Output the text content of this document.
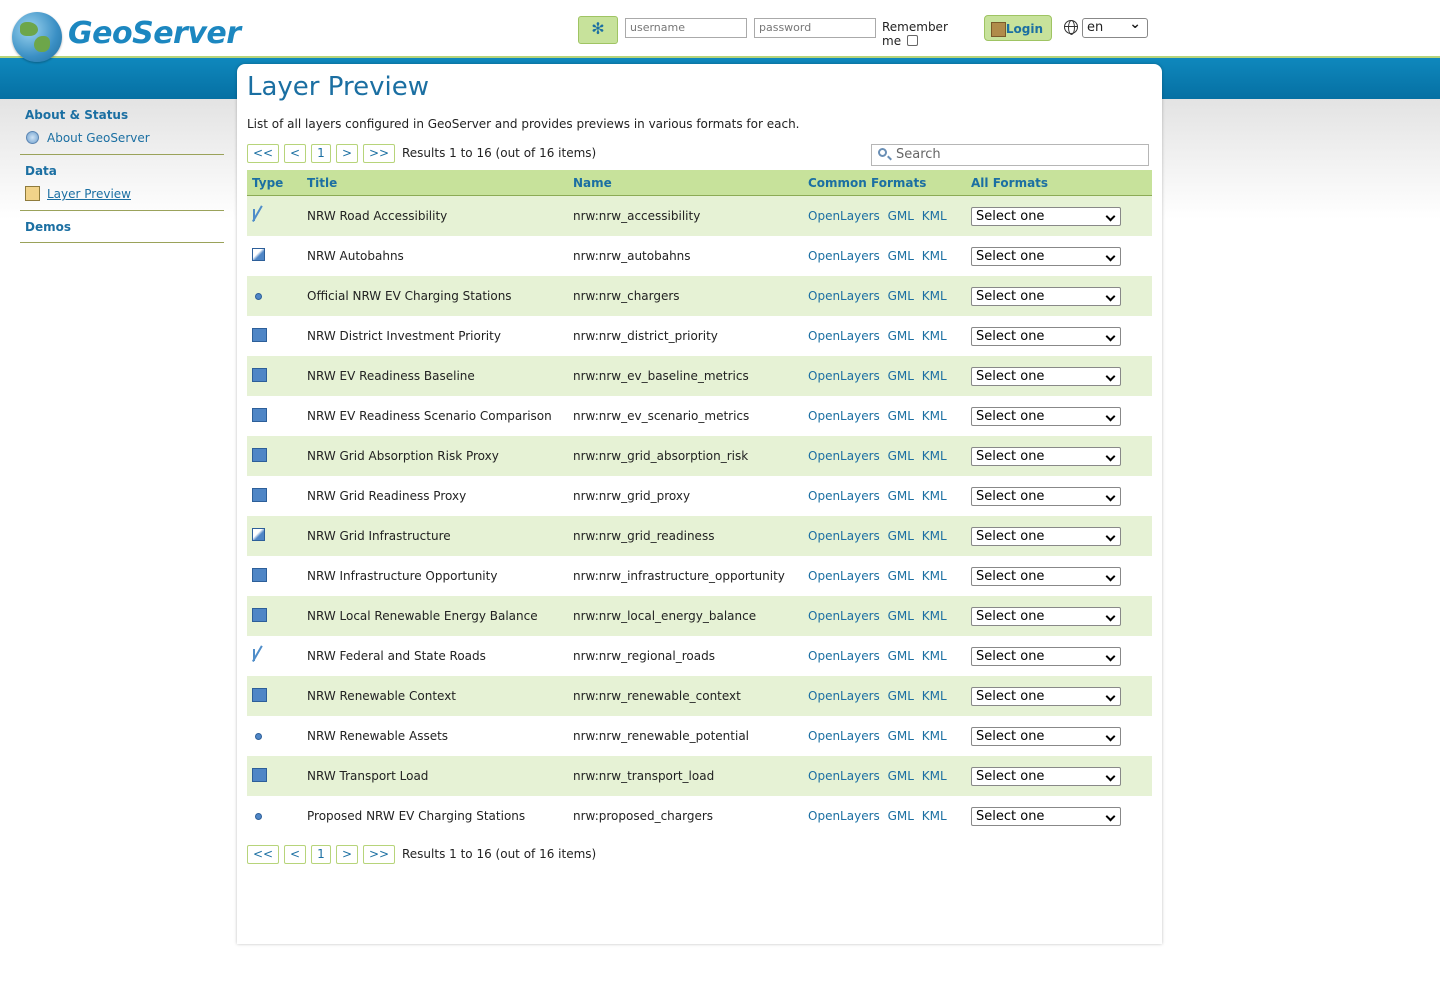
GeoServer	✻	username	password	Remember me
Login	en ⌄
About & Status
About GeoServer
Data
Layer Preview
Demos
Layer Preview
List of all layers configured in GeoServer and provides previews in various formats for each.
<< < 1 > >> Results 1 to 16 (out of 16 items)	Search
Type	Title	Name	Common Formats	All Formats
	NRW Road Accessibility	nrw:nrw_accessibility	OpenLayers GML KML	Select one
	NRW Autobahns	nrw:nrw_autobahns	OpenLayers GML KML	Select one
	Official NRW EV Charging Stations	nrw:nrw_chargers	OpenLayers GML KML	Select one
	NRW District Investment Priority	nrw:nrw_district_priority	OpenLayers GML KML	Select one
	NRW EV Readiness Baseline	nrw:nrw_ev_baseline_metrics	OpenLayers GML KML	Select one
	NRW EV Readiness Scenario Comparison	nrw:nrw_ev_scenario_metrics	OpenLayers GML KML	Select one
	NRW Grid Absorption Risk Proxy	nrw:nrw_grid_absorption_risk	OpenLayers GML KML	Select one
	NRW Grid Readiness Proxy	nrw:nrw_grid_proxy	OpenLayers GML KML	Select one
	NRW Grid Infrastructure	nrw:nrw_grid_readiness	OpenLayers GML KML	Select one
	NRW Infrastructure Opportunity	nrw:nrw_infrastructure_opportunity	OpenLayers GML KML	Select one
	NRW Local Renewable Energy Balance	nrw:nrw_local_energy_balance	OpenLayers GML KML	Select one
	NRW Federal and State Roads	nrw:nrw_regional_roads	OpenLayers GML KML	Select one
	NRW Renewable Context	nrw:nrw_renewable_context	OpenLayers GML KML	Select one
	NRW Renewable Assets	nrw:nrw_renewable_potential	OpenLayers GML KML	Select one
	NRW Transport Load	nrw:nrw_transport_load	OpenLayers GML KML	Select one
	Proposed NRW EV Charging Stations	nrw:proposed_chargers	OpenLayers GML KML	Select one
<< < 1 > >> Results 1 to 16 (out of 16 items)
